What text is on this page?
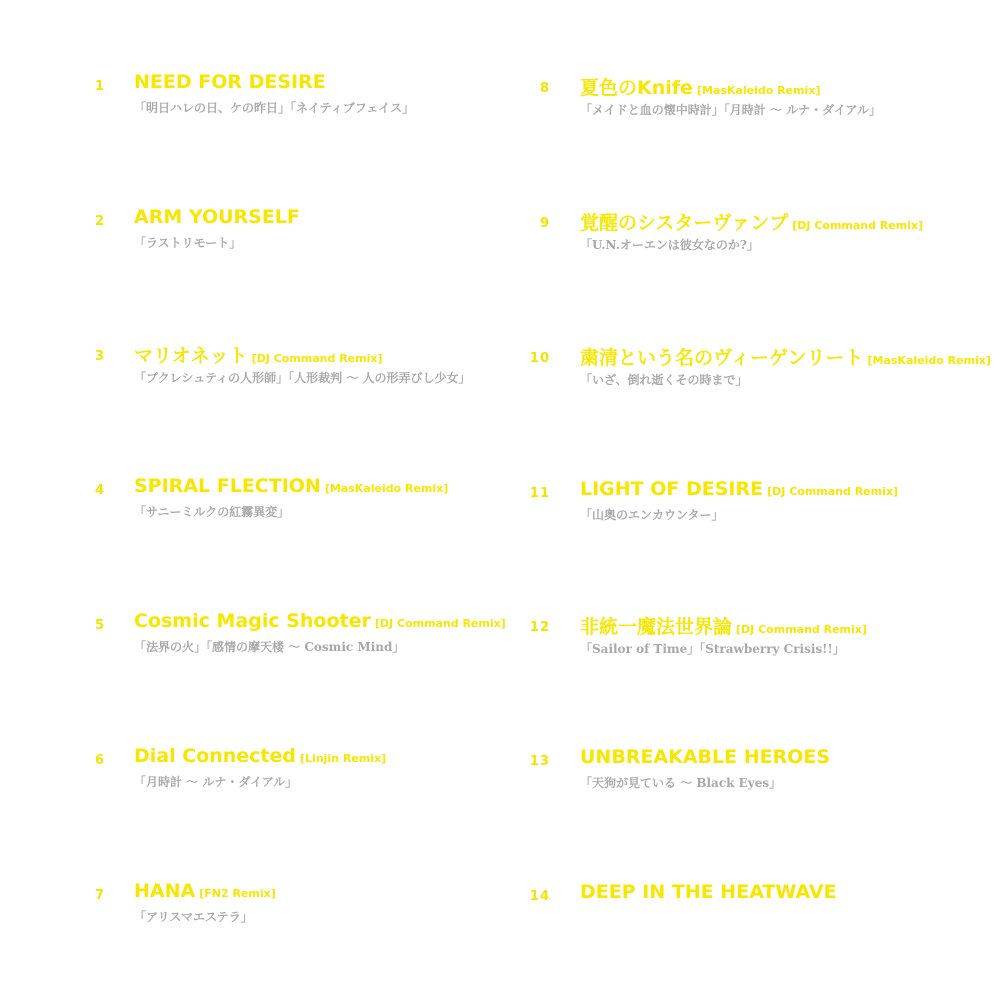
1 NEED FOR DESIRE
「明日ハレの日、ケの昨日」「ネイティブフェイス」
2 ARM YOURSELF
「ラストリモート」
3 マリオネット [DJ Command Remix]
「ブクレシュティの人形師」「人形裁判 〜 人の形弄びし少女」
4 SPIRAL FLECTION [MasKaleido Remix]
「サニーミルクの紅霧異変」
5 Cosmic Magic Shooter [DJ Command Remix]
「法界の火」「感情の摩天楼 〜 Cosmic Mind」
6 Dial Connected [Linjin Remix]
「月時計 〜 ルナ・ダイアル」
7 HANA [FN2 Remix]
「アリスマエステラ」
8 夏色のKnife [MasKaleido Remix]
「メイドと血の懐中時計」「月時計 〜 ルナ・ダイアル」
9 覚醒のシスターヴァンプ [DJ Command Remix]
「U.N.オーエンは彼女なのか?」
10 粛清という名のヴィーゲンリート [MasKaleido Remix]
「いざ、倒れ逝くその時まで」
11 LIGHT OF DESIRE [DJ Command Remix]
「山奥のエンカウンター」
12 非統一魔法世界論 [DJ Command Remix]
「Sailor of Time」「Strawberry Crisis!!」
13 UNBREAKABLE HEROES
「天狗が見ている 〜 Black Eyes」
14 DEEP IN THE HEATWAVE
